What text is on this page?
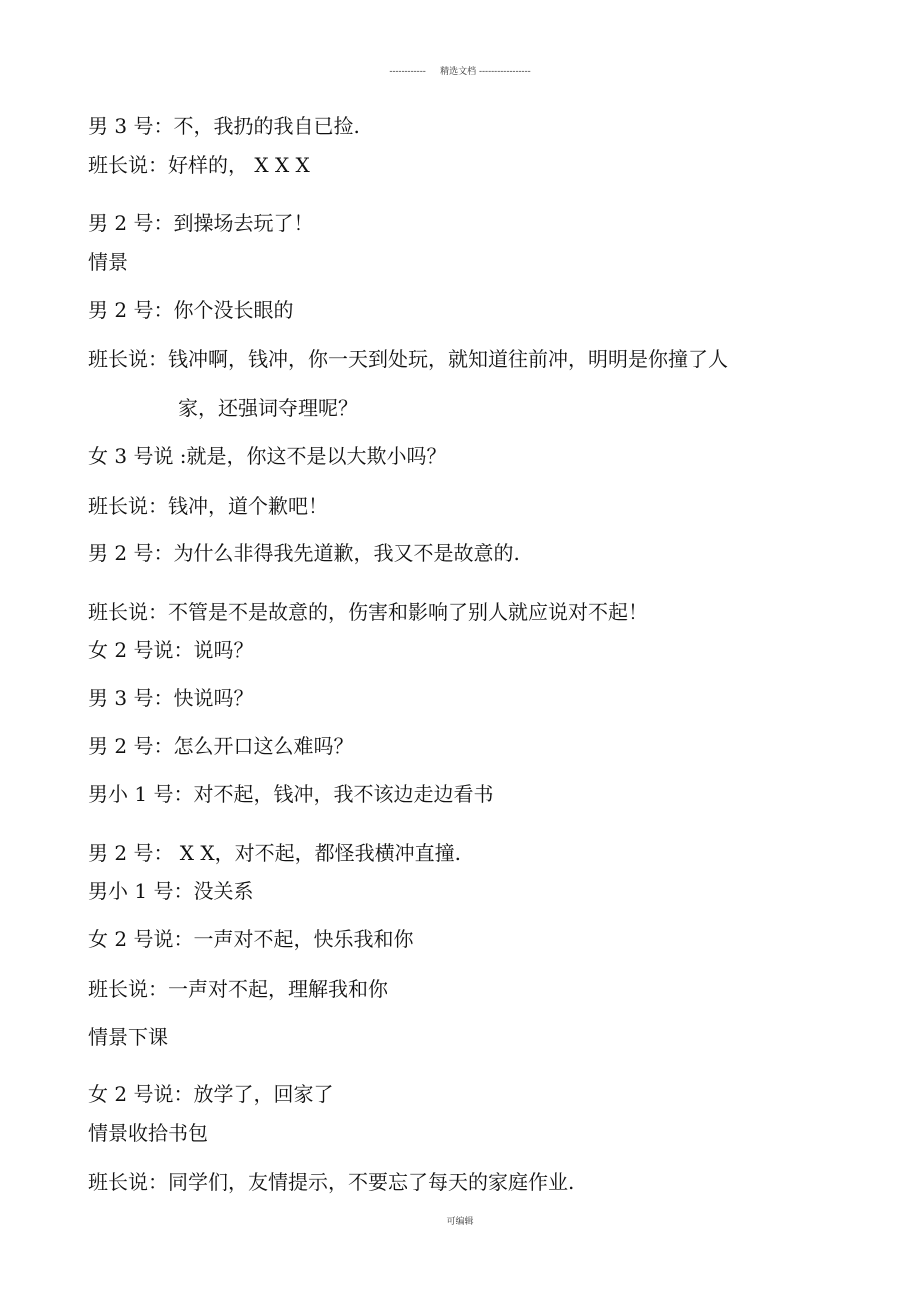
------------     精选文档 -----------------
男 3 号：不，我扔的我自已捡.
班长说：好样的， X X X
男 2 号：到操场去玩了！
情景
男 2 号：你个没长眼的
班长说：钱冲啊，钱冲，你一天到处玩，就知道往前冲，明明是你撞了人
家，还强词夺理呢？
女 3 号说 :就是，你这不是以大欺小吗？
班长说：钱冲，道个歉吧！
男 2 号：为什么非得我先道歉，我又不是故意的.
班长说：不管是不是故意的，伤害和影响了别人就应说对不起！
女 2 号说：说吗？
男 3 号：快说吗？
男 2 号：怎么开口这么难吗？
男小 1 号：对不起，钱冲，我不该边走边看书
男 2 号： X X，对不起，都怪我横冲直撞.
男小 1 号：没关系
女 2 号说：一声对不起，快乐我和你
班长说：一声对不起，理解我和你
情景下课
女 2 号说：放学了，回家了
情景收拾书包
班长说：同学们，友情提示，不要忘了每天的家庭作业.
可编辑
